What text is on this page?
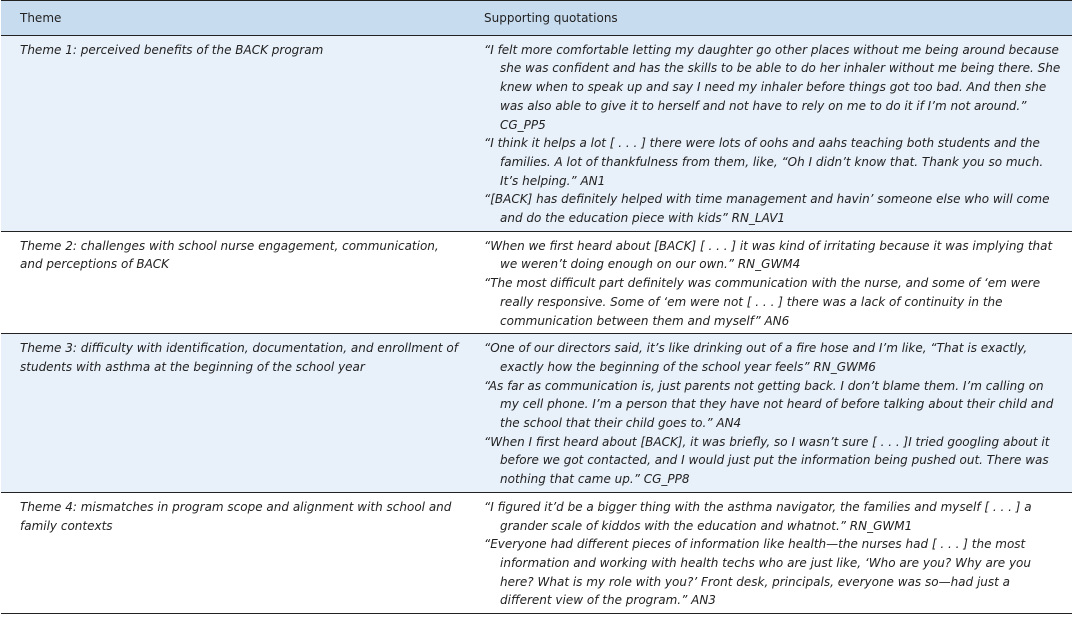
Theme	Supporting quotations
Theme 1: perceived benefits of the BACK program	“I felt more comfortable letting my daughter go other places without me being around because she was confident and has the skills to be able to do her inhaler without me being there. She knew when to speak up and say I need my inhaler before things got too bad. And then she was also able to give it to herself and not have to rely on me to do it if I’m not around.” CG_PP5
“I think it helps a lot [ . . . ] there were lots of oohs and aahs teaching both students and the families. A lot of thankfulness from them, like, “Oh I didn’t know that. Thank you so much. It’s helping.” AN1
“[BACK] has definitely helped with time management and havin’ someone else who will come and do the education piece with kids” RN_LAV1

Theme 2: challenges with school nurse engagement, communication, and perceptions of BACK	“When we first heard about [BACK] [ . . . ] it was kind of irritating because it was implying that we weren’t doing enough on our own.” RN_GWM4
“The most difficult part definitely was communication with the nurse, and some of ‘em were really responsive. Some of ‘em were not [ . . . ] there was a lack of continuity in the communication between them and myself” AN6

Theme 3: difficulty with identification, documentation, and enrollment of students with asthma at the beginning of the school year	“One of our directors said, it’s like drinking out of a fire hose and I’m like, “That is exactly, exactly how the beginning of the school year feels” RN_GWM6
“As far as communication is, just parents not getting back. I don’t blame them. I’m calling on my cell phone. I’m a person that they have not heard of before talking about their child and the school that their child goes to.” AN4
“When I first heard about [BACK], it was briefly, so I wasn’t sure [ . . . ]I tried googling about it before we got contacted, and I would just put the information being pushed out. There was nothing that came up.” CG_PP8

Theme 4: mismatches in program scope and alignment with school and family contexts	“I figured it’d be a bigger thing with the asthma navigator, the families and myself [ . . . ] a grander scale of kiddos with the education and whatnot.” RN_GWM1
“Everyone had different pieces of information like health—the nurses had [ . . . ] the most information and working with health techs who are just like, ‘Who are you? Why are you here? What is my role with you?’ Front desk, principals, everyone was so—had just a different view of the program.” AN3
